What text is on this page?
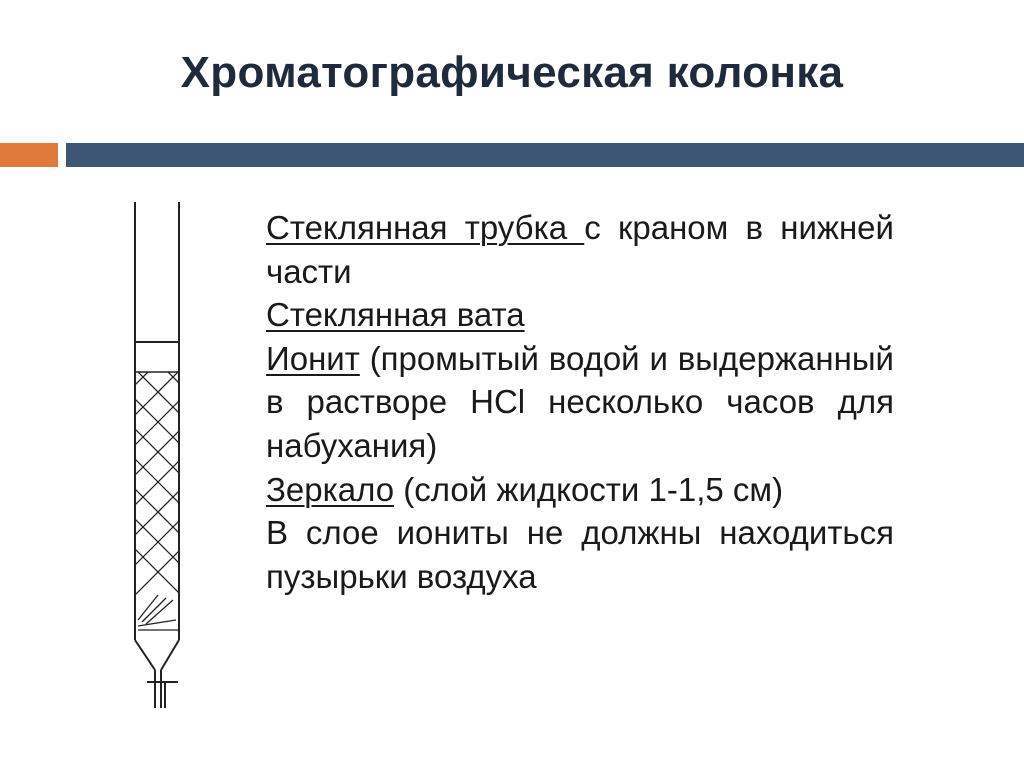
Хроматографическая колонка

Стеклянная трубка с краном в нижней части

Стеклянная вата

Ионит (промытый водой и выдержанный в растворе HCl несколько часов для набухания)

Зеркало (слой жидкости 1-1,5 см)

В слое иониты не должны находиться пузырьки воздуха
